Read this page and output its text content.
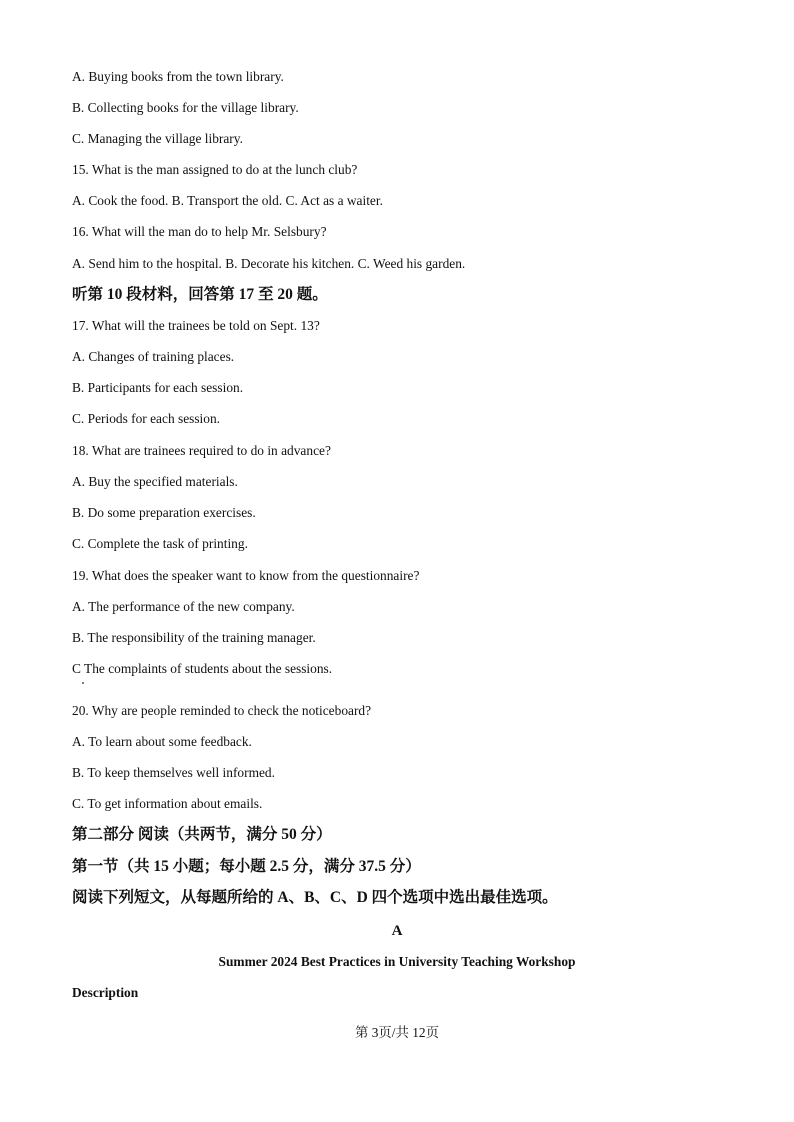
A. Buying books from the town library.
B. Collecting books for the village library.
C. Managing the village library.
15. What is the man assigned to do at the lunch club?
A. Cook the food. B. Transport the old. C. Act as a waiter.
16. What will the man do to help Mr. Selsbury?
A. Send him to the hospital. B. Decorate his kitchen. C. Weed his garden.
听第 10 段材料，回答第 17 至 20 题。
17. What will the trainees be told on Sept. 13?
A. Changes of training places.
B. Participants for each session.
C. Periods for each session.
18. What are trainees required to do in advance?
A. Buy the specified materials.
B. Do some preparation exercises.
C. Complete the task of printing.
19. What does the speaker want to know from the questionnaire?
A. The performance of the new company.
B. The responsibility of the training manager.
C The complaints of students about the sessions.
20. Why are people reminded to check the noticeboard?
A. To learn about some feedback.
B. To keep themselves well informed.
C. To get information about emails.
第二部分 阅读（共两节，满分 50 分）
第一节（共 15 小题；每小题 2.5 分，满分 37.5 分）
阅读下列短文，从每题所给的 A、B、C、D 四个选项中选出最佳选项。
A
Summer 2024 Best Practices in University Teaching Workshop
Description
第 3页/共 12页
